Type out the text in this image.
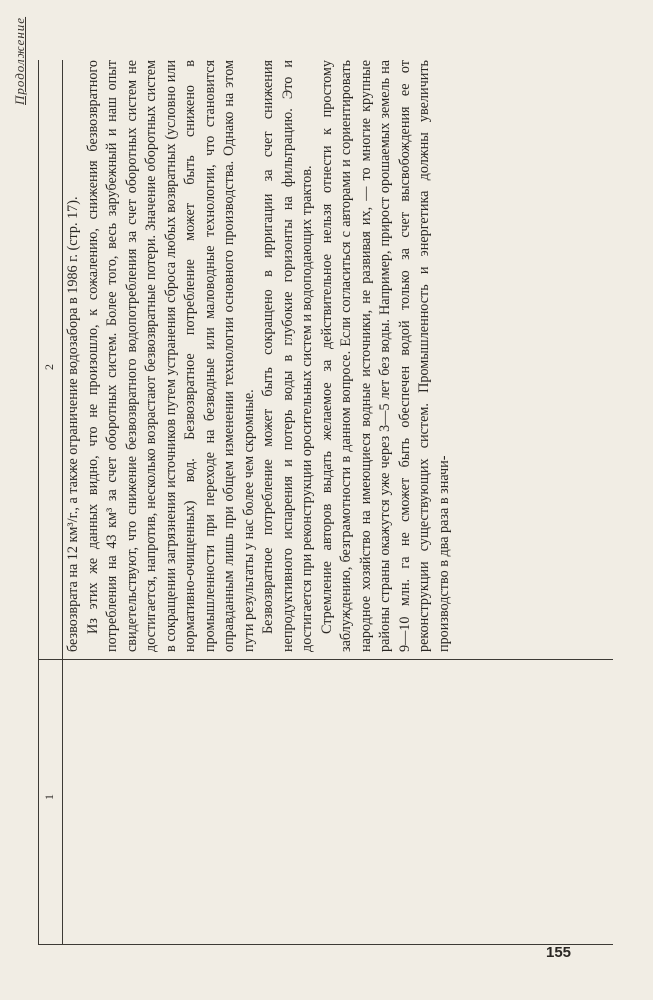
Продолжение
1
2 безвозврата на 12 км³/г., а также ограничение водозабора в 1986 г. (стр. 17). Из этих же данных видно, что не произошло, к сожалению, снижения безвозвратного потребления на 43 км³ за счет оборотных систем. Более того, весь зарубежный и наш опыт свидетельствуют, что снижение безвозвратного водопотребления за счет оборотных систем не достигается, напротив, несколько возрастают безвозвратные потери. Значение оборотных систем в сокращении загрязнения источников путем устранения сброса любых возвратных (условно или нормативно-очищенных) вод. Безвозвратное потребление может быть снижено в промышленности при переходе на безводные или маловодные технологии, что становится оправданным лишь при общем изменении технологии основного производства. Однако на этом пути результаты у нас более чем скромные. Безвозвратное потребление может быть сокращено в ирригации за счет снижения непродуктивного испарения и потерь воды в глубокие горизонты на фильтрацию. Это и достигается при реконструкции оросительных систем и водоподающих трактов. Стремление авторов выдать желаемое за действительное нельзя отнести к простому заблуждению, безграмотности в данном вопросе. Если согласиться с авторами и сориентировать народное хозяйство на имеющиеся водные источники, не развивая их, — то многие крупные районы страны окажутся уже через 3—5 лет без воды. Например, прирост орошаемых земель на 9—10 млн. га не сможет быть обеспечен водой только за счет высвобождения ее от реконструкции существующих систем. Промышленность и энергетика должны увеличить производство в два раза в значи-

155
